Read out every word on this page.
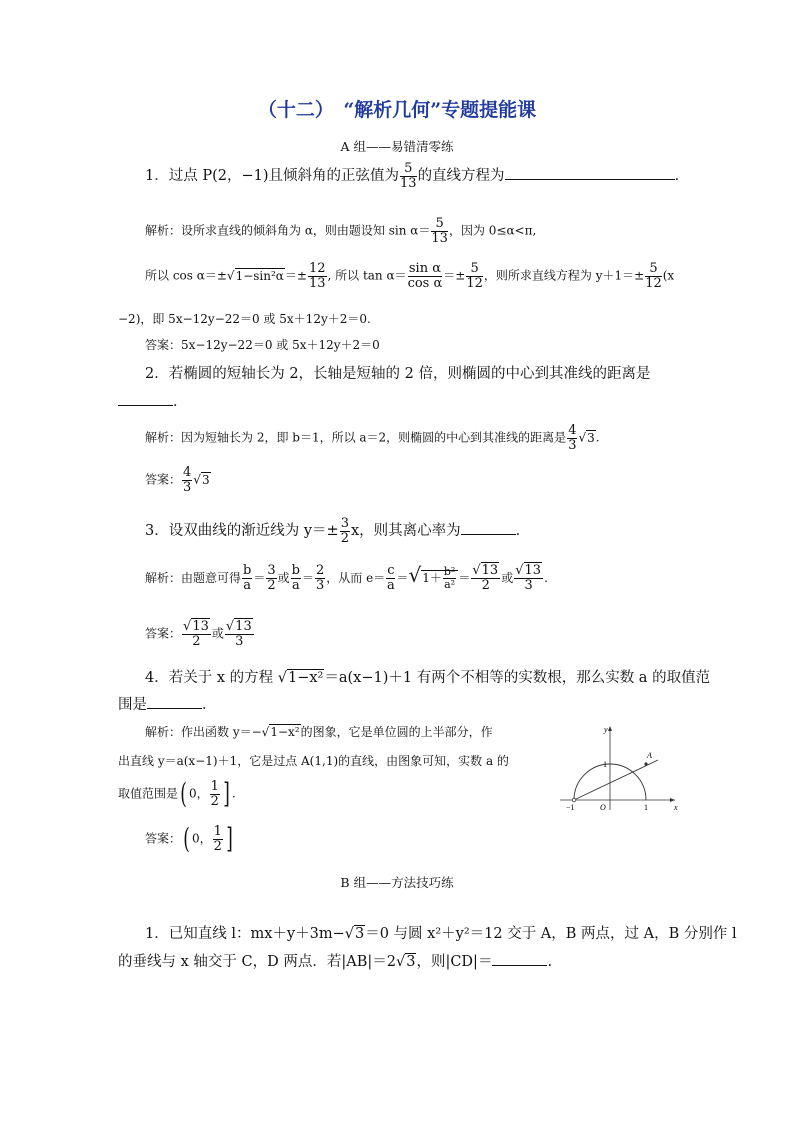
（十二）　“解析几何”专题提能课
A 组——易错清零练
1．过点 P(2，−1)且倾斜角的正弦值为 $\frac{5}{13}$ 的直线方程为	．
解析：设所求直线的倾斜角为 α，则由题设知 $\sin \alpha= \frac{5}{13}$ ，因为 0≤α<π,
所以 $\cos \alpha=\pm√1-\sin^2\alpha=\pm \frac{12}{13}$ , 所以 $\tan \alpha= \frac{\text{sin α}}{\text{cos α}} =\pm \frac{5}{12}$ ，则所求直线方程为 $y+1=\pm \frac{5}{12} (x$
−2)，即 5x−12y−22＝0 或 5x＋12y＋2＝0.
答案：5x−12y−22＝0 或 5x＋12y＋2＝0
2．若椭圆的短轴长为 2，长轴是短轴的 2 倍，则椭圆的中心到其准线的距离是
．
解析：因为短轴长为 2，即 b＝1，所以 a＝2，则椭圆的中心到其准线的距离是 $\frac{4}{3} √3$.
答案： $\frac{4}{3} √3$
3．设双曲线的渐近线为 $y=\pm \frac{3}{2}$ x，则其离心率为	．
解析：由题意可得 $\frac{b}{a} = \frac{3}{2}$ 或 $\frac{b}{a} = \frac{2}{3}$ ，从而 $e= \frac{c}{a} =√1+ \frac{\text{b²}}{\text{a²}} = \frac{√13}{2}$ 或 $\frac{√13}{3}$ .
答案： $\frac{√13}{2}$ 或 $\frac{√13}{3}$
4．若关于 x 的方程 √1−x²＝a(x−1)＋1 有两个不相等的实数根，那么实数 a 的取值范
围是	．
解析：作出函数 y＝−√1−x²的图象，它是单位圆的上半部分，作
出直线 y＝a(x−1)＋1，它是过点 A(1,1)的直线，由图象可知，实数 a 的
取值范围是( 0， $\frac{1}{2}$ ] .
答案：( 0， $\frac{1}{2}$ ]
A
y
x
O	1
−1
1
B 组——方法技巧练
1．已知直线 l：mx＋y＋3m−√3＝0 与圆 x²＋y²＝12 交于 A，B 两点，过 A，B 分别作 l
的垂线与 x 轴交于 C，D 两点．若|AB|＝2√3，则|CD|＝	.
